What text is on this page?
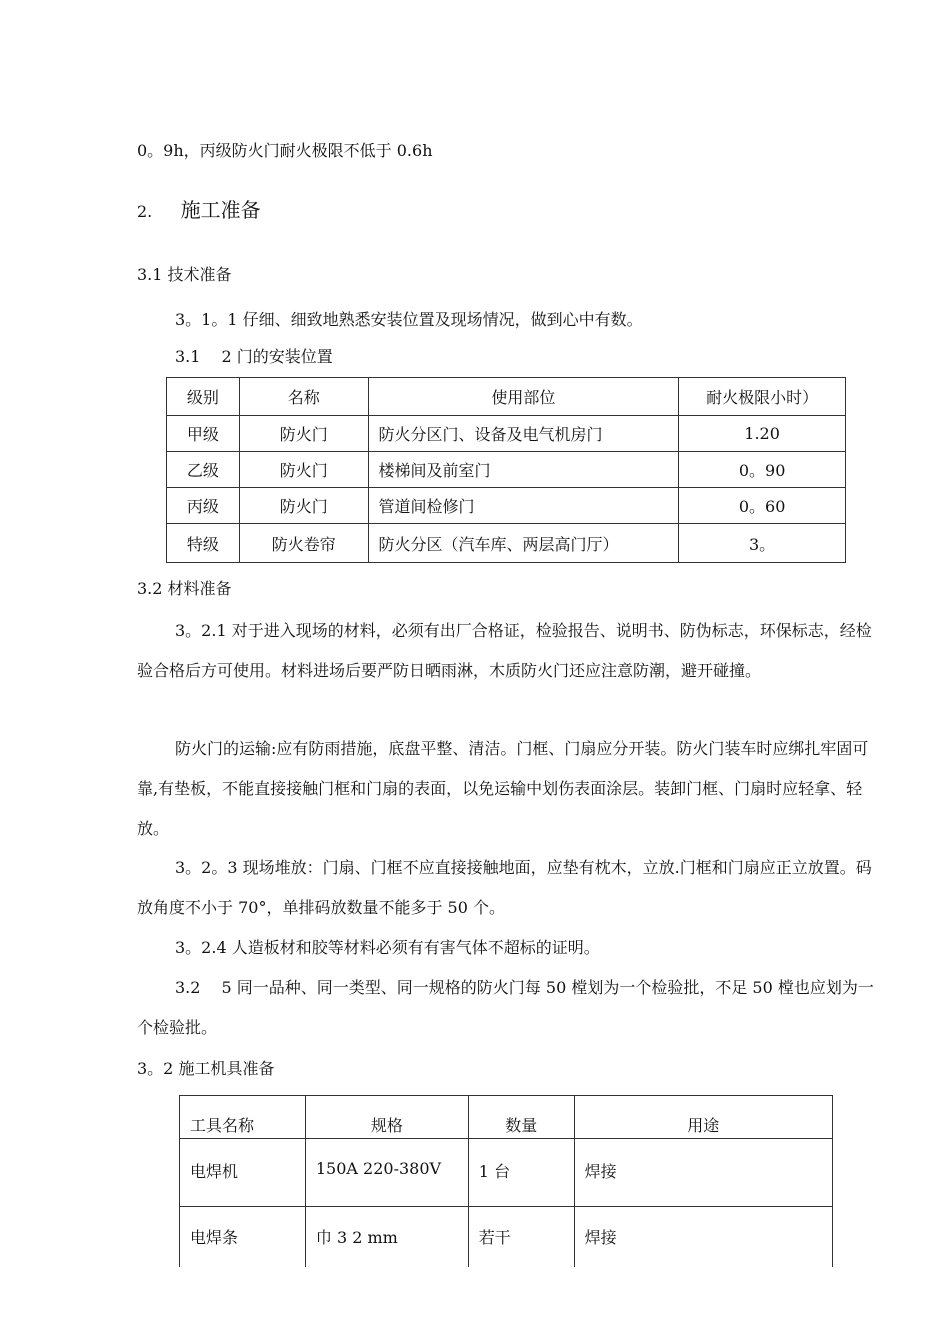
0。9h，丙级防火门耐火极限不低于 0.6h
2. 施工准备
3.1 技术准备
3。1。1 仔细、细致地熟悉安装位置及现场情况，做到心中有数。
3.1　 2 门的安装位置
级别	名称	使用部位	耐火极限小时）
甲级	防火门	防火分区门、设备及电气机房门	1.20
乙级	防火门	楼梯间及前室门	0。90
丙级	防火门	管道间检修门	0。60
特级	防火卷帘	防火分区（汽车库、两层高门厅）	3。
3.2 材料准备
3。2.1 对于进入现场的材料，必须有出厂合格证，检验报告、说明书、防伪标志，环保标志，经检验合格后方可使用。材料进场后要严防日晒雨淋，木质防火门还应注意防潮，避开碰撞。
防火门的运输:应有防雨措施，底盘平整、清洁。门框、门扇应分开装。防火门装车时应绑扎牢固可靠,有垫板，不能直接接触门框和门扇的表面，以免运输中划伤表面涂层。装卸门框、门扇时应轻拿、轻放。
3。2。3 现场堆放：门扇、门框不应直接接触地面，应垫有枕木，立放.门框和门扇应正立放置。码放角度不小于 70°，单排码放数量不能多于 50 个。
3。2.4 人造板材和胶等材料必须有有害气体不超标的证明。
3.2　 5 同一品种、同一类型、同一规格的防火门每 50 樘划为一个检验批，不足 50 樘也应划为一个检验批。
3。2 施工机具准备
工具名称	规格	数量	用途
电焊机	150A 220-380V	1 台	焊接
电焊条	巾 3 2 mm	若干	焊接
